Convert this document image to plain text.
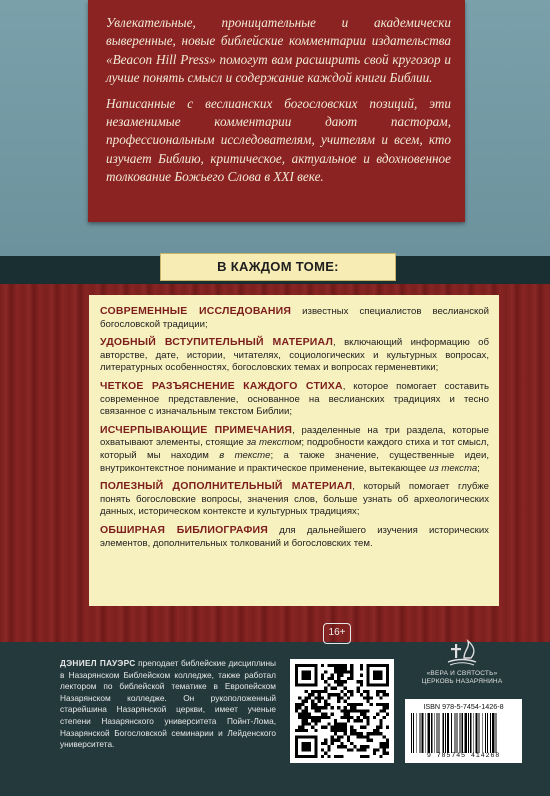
Увлекательные, проницательные и академически выверенные, новые библейские комментарии издательства «Beacon Hill Press» помогут вам расширить свой кругозор и лучше понять смысл и содержание каждой книги Библии.

Написанные с веслианских богословских позиций, эти незаменимые комментарии дают пасторам, профессиональным исследователям, учителям и всем, кто изучает Библию, критическое, актуальное и вдохновенное толкование Божьего Слова в XXI веке.

В КАЖДОМ ТОМЕ:
СОВРЕМЕННЫЕ ИССЛЕДОВАНИЯ известных специалистов веслианской богословской традиции;
УДОБНЫЙ ВСТУПИТЕЛЬНЫЙ МАТЕРИАЛ, включающий информацию об авторстве, дате, истории, читателях, социологических и культурных вопросах, литературных особенностях, богословских темах и вопросах герменевтики;
ЧЕТКОЕ РАЗЪЯСНЕНИЕ КАЖДОГО СТИХА, которое помогает составить современное представление, основанное на веслианских традициях и тесно связанное с изначальным текстом Библии;
ИСЧЕРПЫВАЮЩИЕ ПРИМЕЧАНИЯ, разделенные на три раздела, которые охватывают элементы, стоящие за текстом; подробности каждого стиха и тот смысл, который мы находим в тексте; а также значение, существенные идеи, внутриконтекстное понимание и практическое применение, вытекающее из текста;
ПОЛЕЗНЫЙ ДОПОЛНИТЕЛЬНЫЙ МАТЕРИАЛ, который помогает глубже понять богословские вопросы, значения слов, больше узнать об археологических данных, историческом контексте и культурных традициях;
ОБШИРНАЯ БИБЛИОГРАФИЯ для дальнейшего изучения исторических элементов, дополнительных толкований и богословских тем.
16+
ДЭНИЕЛ ПАУЭРС преподает библейские дисциплины в Назарянском Библейском колледже, также работал лектором по библейской тематике в Европейском Назарянском колледже. Он рукоположенный старейшина Назарянской церкви, имеет ученые степени Назарянского университета Пойнт-Лома, Назарянской Богословской семинарии и Лейденского университета.
«ВЕРА И СВЯТОСТЬ»
ЦЕРКОВЬ НАЗАРЯНИНА
ISBN 978-5-7454-1426-8
9 785745 414268
